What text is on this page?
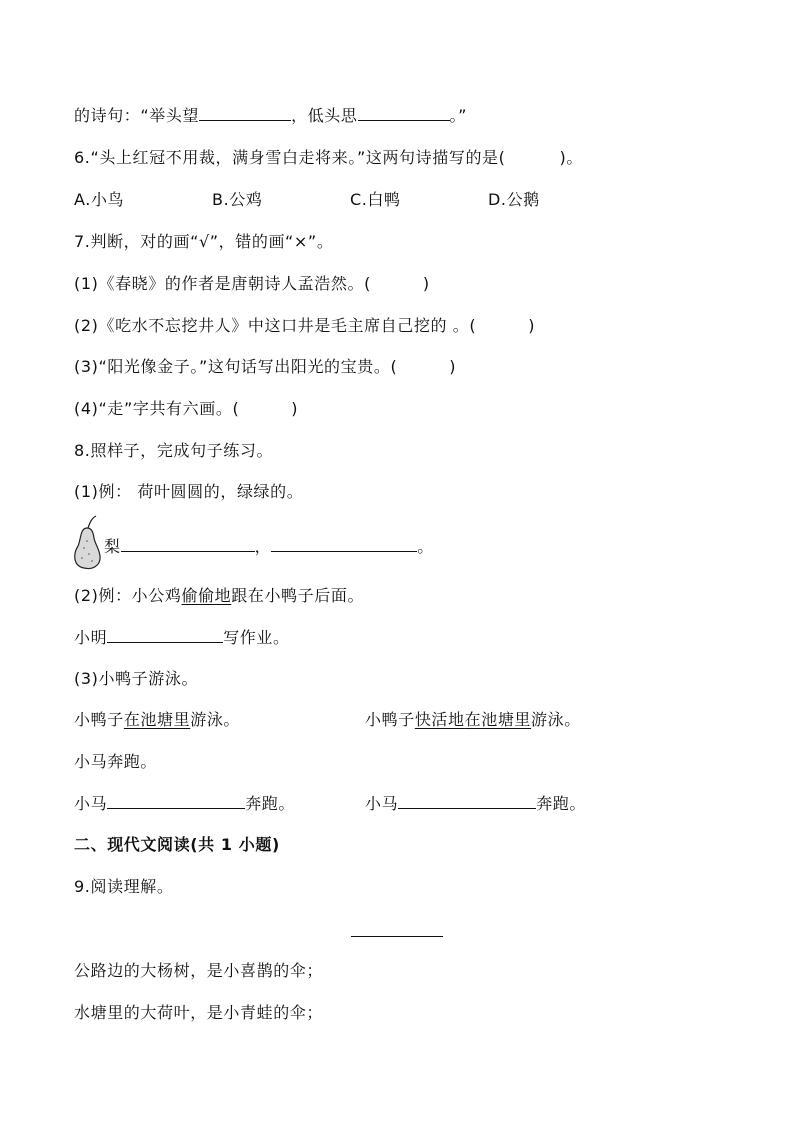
的诗句：“举头望	，低头思	。”
6.“头上红冠不用裁，满身雪白走将来。”这两句诗描写的是(	)。
A.小鸟	B.公鸡	C.白鸭	D.公鹅
7.判断，对的画“√”，错的画“×”。
(1)《春晓》的作者是唐朝诗人孟浩然。(	)
(2)《吃水不忘挖井人》中这口井是毛主席自己挖的 。(	)
(3)“阳光像金子。”这句话写出阳光的宝贵。(	)
(4)“走”字共有六画。(	)
8.照样子，完成句子练习。
(1)例： 荷叶圆圆的，绿绿的。
梨	，	。
(2)例：小公鸡偷偷地跟在小鸭子后面。
小明	写作业。
(3)小鸭子游泳。
小鸭子在池塘里游泳。	小鸭子快活地在池塘里游泳。
小马奔跑。
小马	奔跑。	小马	奔跑。
二、现代文阅读(共 1 小题)
9.阅读理解。
公路边的大杨树，是小喜鹊的伞；
水塘里的大荷叶，是小青蛙的伞；
